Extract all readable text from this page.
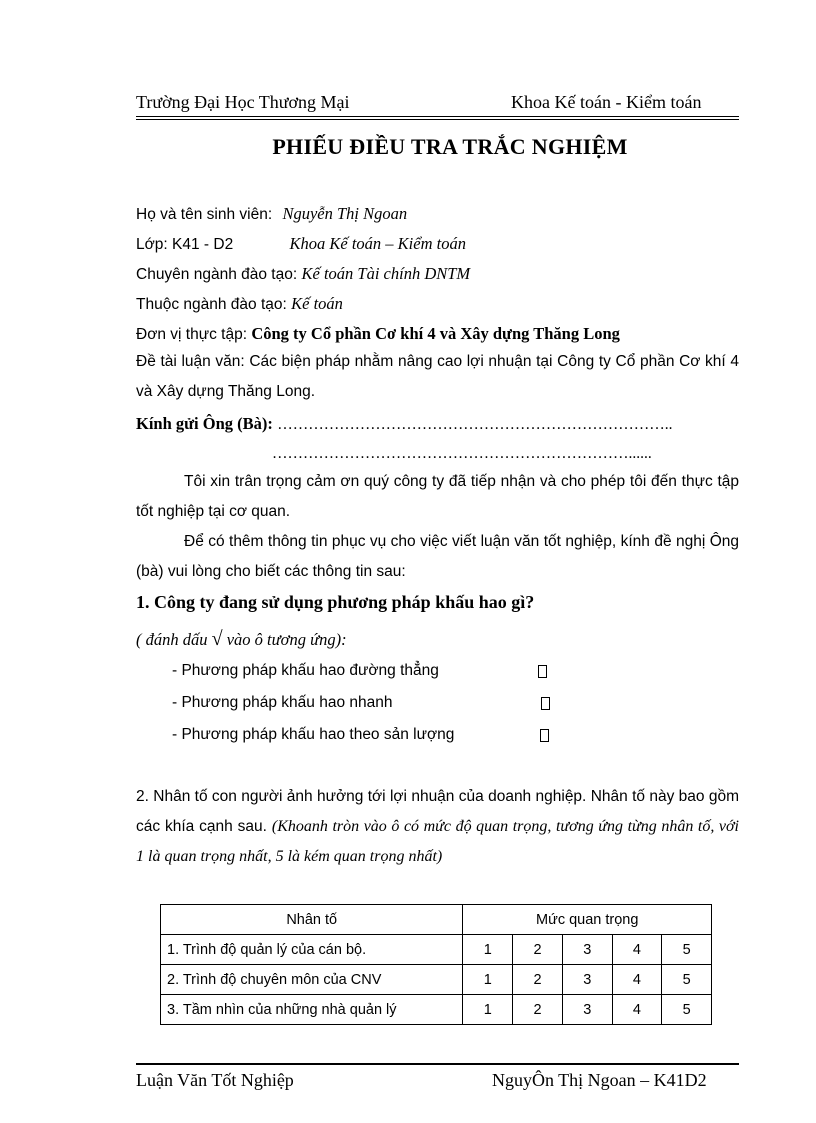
Trường Đại Học Thương Mại	Khoa Kế toán - Kiểm toán
PHIẾU ĐIỀU TRA TRẮC NGHIỆM
Họ và tên sinh viên: Nguyễn Thị Ngoan
Lớp: K41 - D2	Khoa Kế toán – Kiểm toán
Chuyên ngành đào tạo: Kế toán Tài chính DNTM
Thuộc ngành đào tạo: Kế toán
Đơn vị thực tập: Công ty Cổ phần Cơ khí 4 và Xây dựng Thăng Long
Đề tài luận văn: Các biện pháp nhằm nâng cao lợi nhuận tại Công ty Cổ phần Cơ khí 4 và Xây dựng Thăng Long.
Kính gửi Ông (Bà): …………………………………………………………………..
……………………………………………………………......
Tôi xin trân trọng cảm ơn quý công ty đã tiếp nhận và cho phép tôi đến thực tập tốt nghiệp tại cơ quan.
Để có thêm thông tin phục vụ cho việc viết luận văn tốt nghiệp, kính đề nghị Ông (bà) vui lòng cho biết các thông tin sau:
1. Công ty đang sử dụng phương pháp khấu hao gì?
( đánh dấu √ vào ô tương ứng):
- Phương pháp khấu hao đường thẳng
- Phương pháp khấu hao nhanh
- Phương pháp khấu hao theo sản lượng
2. Nhân tố con người ảnh hưởng tới lợi nhuận của doanh nghiệp. Nhân tố này bao gồm các khía cạnh sau. (Khoanh tròn vào ô có mức độ quan trọng, tương ứng từng nhân tố, với 1 là quan trọng nhất, 5 là kém quan trọng nhất)
Nhân tố	Mức quan trọng				
1. Trình độ quản lý của cán bộ.	1	2	3	4	5
2. Trình độ chuyên môn của CNV	1	2	3	4	5
3. Tầm nhìn của những nhà quản lý	1	2	3	4	5
Luận Văn Tốt Nghiệp	NguyÔn Thị Ngoan – K41D2
